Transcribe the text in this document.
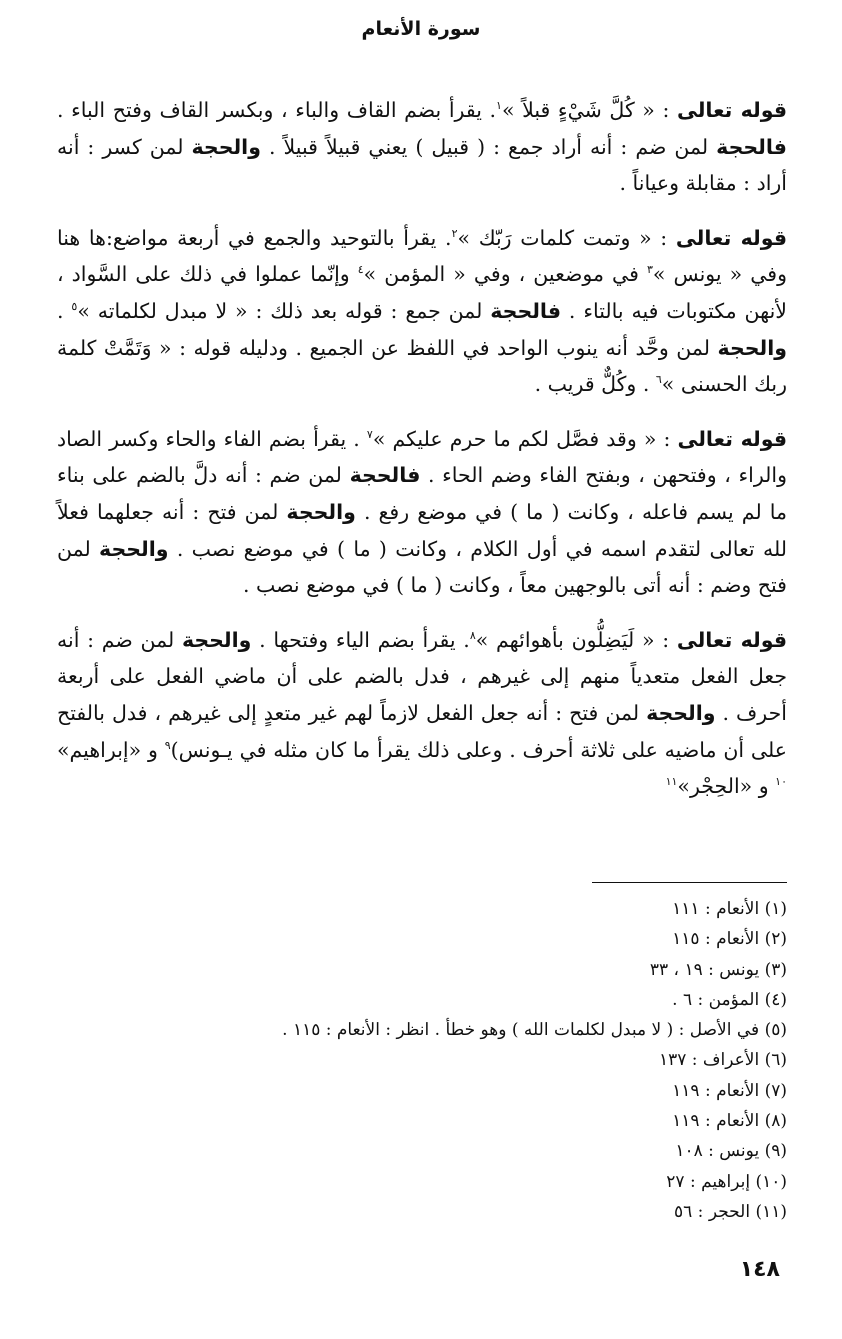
سورة الأنعام

قوله تعالى : « كُلَّ شَيْءٍ قبلاً »$^١$. يقرأ بضم القاف والباء ، وبكسر القاف وفتح الباء . فالحجة لمن ضم : أنه أراد جمع : ( قبيل ) يعني قبيلاً قبيلاً . والحجة لمن كسر : أنه أراد : مقابلة وعياناً .

قوله تعالى : « وتمت كلمات رَبّك »$^٢$. يقرأ بالتوحيد والجمع في أربعة مواضع:ها هنا وفي « يونس »$^٣$ في موضعين ، وفي « المؤمن »$^٤$ وإنّما عملوا في ذلك على السَّواد ، لأنهن مكتوبات فيه بالتاء . فالحجة لمن جمع : قوله بعد ذلك : « لا مبدل لكلماته »$^٥$ . والحجة لمن وحَّد أنه ينوب الواحد في اللفظ عن الجميع . ودليله قوله : « وَتَمَّتْ كلمة ربك الحسنى »$^٦$ . وكُلٌّ قريب .

قوله تعالى : « وقد فصَّل لكم ما حرم عليكم »$^٧$ . يقرأ بضم الفاء والحاء وكسر الصاد والراء ، وفتحهن ، وبفتح الفاء وضم الحاء . فالحجة لمن ضم : أنه دلَّ بالضم على بناء ما لم يسم فاعله ، وكانت ( ما ) في موضع رفع . والحجة لمن فتح : أنه جعلهما فعلاً لله تعالى لتقدم اسمه في أول الكلام ، وكانت ( ما ) في موضع نصب . والحجة لمن فتح وضم : أنه أتى بالوجهين معاً ، وكانت ( ما ) في موضع نصب .

قوله تعالى : « لَيَضِلُّون بأهوائهم »$^٨$. يقرأ بضم الياء وفتحها . والحجة لمن ضم : أنه جعل الفعل متعدياً منهم إلى غيرهم ، فدل بالضم على أن ماضي الفعل على أربعة أحرف . والحجة لمن فتح : أنه جعل الفعل لازماً لهم غير متعدٍ إلى غيرهم ، فدل بالفتح على أن ماضيه على ثلاثة أحرف . وعلى ذلك يقرأ ما كان مثله في يـونس)$^٩$ و «إبراهيم» $^{١٠}$ و «الحِجْر»$^{١١}$

(١) الأنعام : ١١١
(٢) الأنعام : ١١٥
(٣) يونس : ١٩ ، ٣٣
(٤) المؤمن : ٦ .
(٥) في الأصل : ( لا مبدل لكلمات الله ) وهو خطأ . انظر : الأنعام : ١١٥ .
(٦) الأعراف : ١٣٧
(٧) الأنعام : ١١٩
(٨) الأنعام : ١١٩
(٩) يونس : ١٠٨
(١٠) إبراهيم : ٢٧
(١١) الحجر : ٥٦
١٤٨
